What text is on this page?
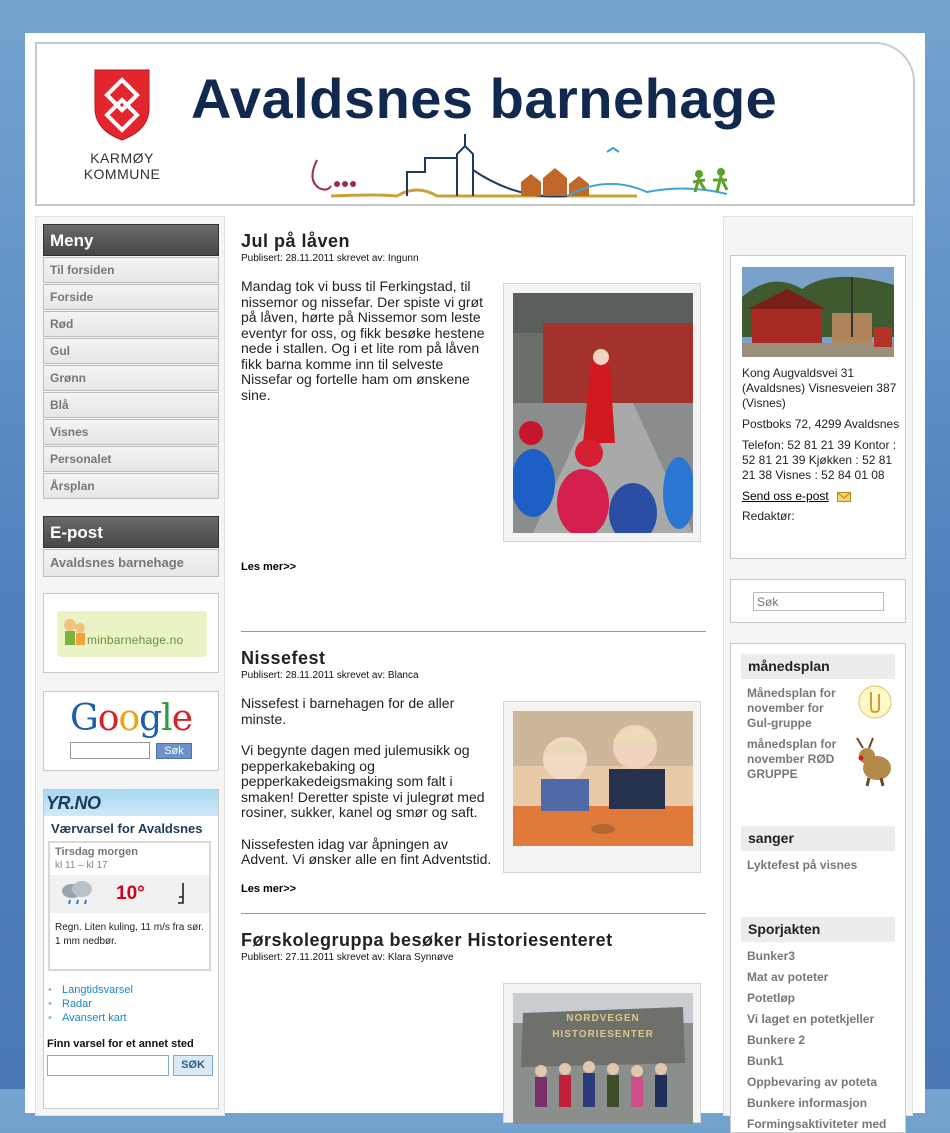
KARMØY
KOMMUNE
Avaldsnes barnehage
Meny
Til forsiden
Forside
Rød
Gul
Grønn
Blå
Visnes
Personalet
Årsplan
E-post
Avaldsnes barnehage
minbarnehage.no
Google
Søk
YR.NO
Værvarsel for Avaldsnes
Tirsdag morgen
kl 11 – kl 17
10°
Regn. Liten kuling, 11 m/s fra sør. 1 mm nedbør.
• Langtidsvarsel
• Radar
• Avansert kart
Finn varsel for et annet sted
SØK
Jul på låven
Publisert: 28.11.2011 skrevet av: Ingunn

Mandag tok vi buss til Ferkingstad, til nissemor og nissefar. Der spiste vi grøt på låven, hørte på Nissemor som leste eventyr for oss, og fikk besøke hestene nede i stallen. Og i et lite rom på låven fikk barna komme inn til selveste Nissefar og fortelle ham om ønskene sine.

Les mer>>
Nissefest
Publisert: 28.11.2011 skrevet av: Blanca

Nissefest i barnehagen for de aller minste.

Vi begynte dagen med julemusikk og pepperkakebaking og pepperkakedeigsmaking som falt i smaken! Deretter spiste vi julegrøt med rosiner, sukker, kanel og smør og saft.

Nissefesten idag var åpningen av Advent. Vi ønsker alle en fint Adventstid.

Les mer>>
Førskolegruppa besøker Historiesenteret
Publisert: 27.11.2011 skrevet av: Klara Synnøve
NORDVEGEN HISTORIESENTER

Kong Augvaldsvei 31 (Avaldsnes) Visnesveien 387 (Visnes)

Postboks 72, 4299 Avaldsnes

Telefon: 52 81 21 39 Kontor : 52 81 21 39 Kjøkken : 52 81 21 38 Visnes : 52 84 01 08

Send oss e-post

Redaktør:

Søk
månedsplan
Månedsplan for november for Gul-gruppe
månedsplan for november RØD GRUPPE
sanger
Lyktefest på visnes
Sporjakten
Bunker3
Mat av poteter
Potetløp
Vi laget en potetkjeller
Bunkere 2
Bunk1
Oppbevaring av poteta
Bunkere informasjon
Formingsaktiviteter med
